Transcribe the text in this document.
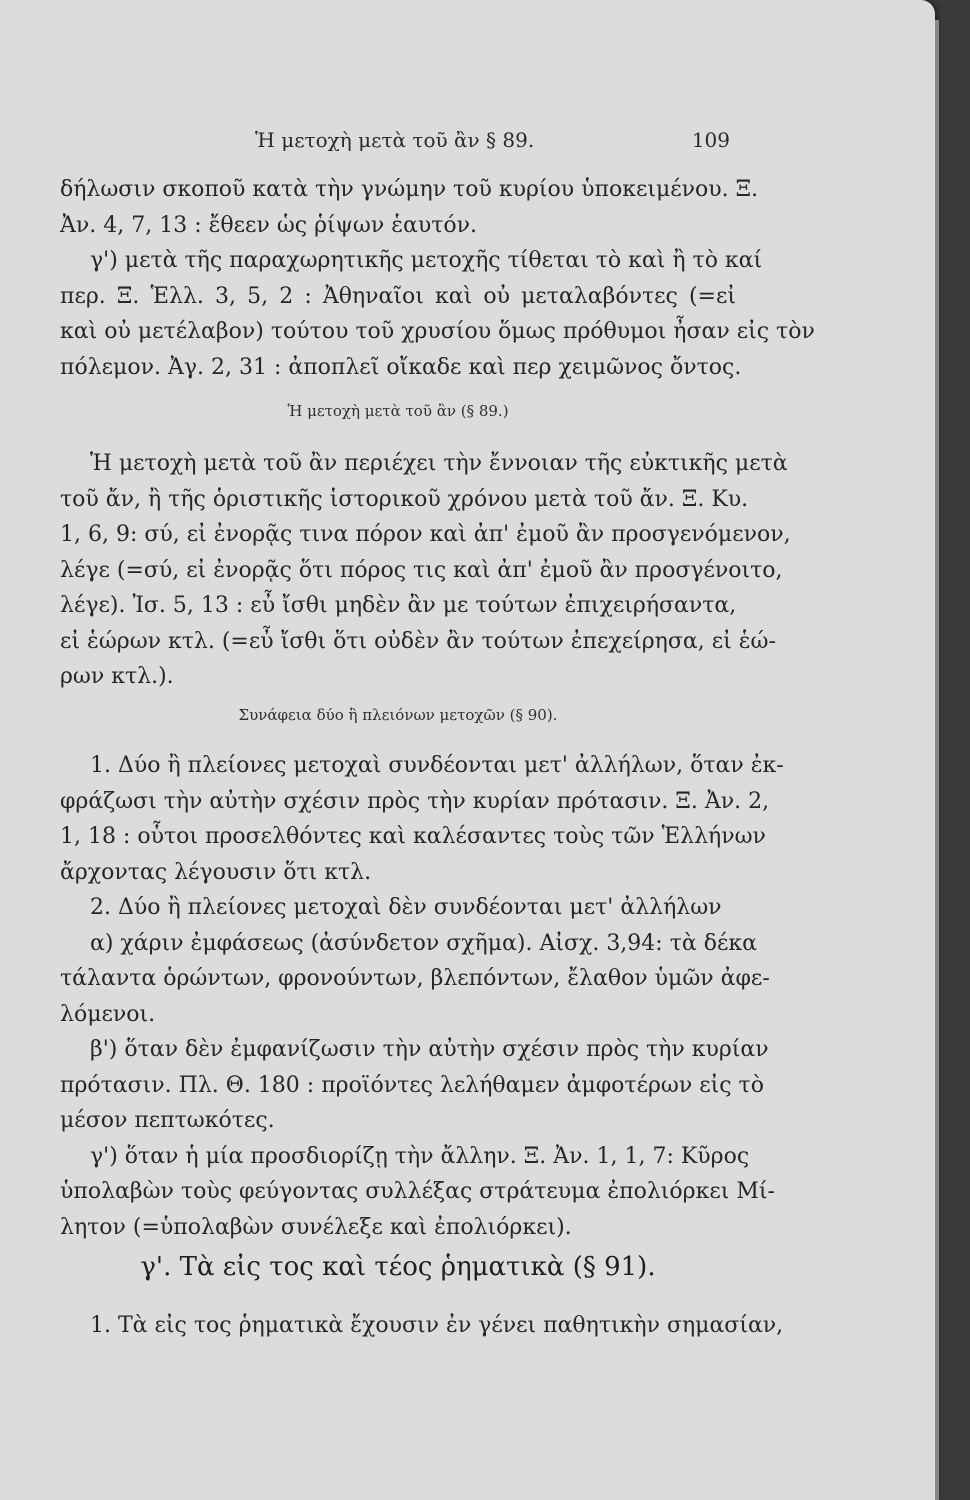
Ἡ μετοχὴ μετὰ τοῦ ἂν § 89.	109
δήλωσιν σκοποῦ κατὰ τὴν γνώμην τοῦ κυρίου ὑποκειμένου. Ξ.
Ἀν. 4, 7, 13 : ἔθεεν ὡς ῥίψων ἑαυτόν.
γ') μετὰ τῆς παραχωρητικῆς μετοχῆς τίθεται τὸ καὶ ἢ τὸ καί
περ. Ξ. Ἑλλ. 3, 5, 2 : Ἀθηναῖοι καὶ οὐ μεταλαβόντες (=εἰ
καὶ οὐ μετέλαβον) τούτου τοῦ χρυσίου ὅμως πρόθυμοι ἦσαν εἰς τὸν
πόλεμον. Ἀγ. 2, 31 : ἀποπλεῖ οἴκαδε καὶ περ χειμῶνος ὄντος.
Ἡ μετοχὴ μετὰ τοῦ ἂν (§ 89.)
Ἡ μετοχὴ μετὰ τοῦ ἂν περιέχει τὴν ἔννοιαν τῆς εὐκτικῆς μετὰ
τοῦ ἄν, ἢ τῆς ὁριστικῆς ἱστορικοῦ χρόνου μετὰ τοῦ ἄν. Ξ. Κυ.
1, 6, 9: σύ, εἰ ἐνορᾷς τινα πόρον καὶ ἀπ' ἐμοῦ ἂν προσγενόμενον,
λέγε (=σύ, εἰ ἐνορᾷς ὅτι πόρος τις καὶ ἀπ' ἐμοῦ ἂν προσγένοιτο,
λέγε). Ἰσ. 5, 13 : εὖ ἴσθι μηδὲν ἂν με τούτων ἐπιχειρήσαντα,
εἰ ἑώρων κτλ. (=εὖ ἴσθι ὅτι οὐδὲν ἂν τούτων ἐπεχείρησα, εἰ ἑώ-
ρων κτλ.).
Συνάφεια δύο ἢ πλειόνων μετοχῶν (§ 90).
1. Δύο ἢ πλείονες μετοχαὶ συνδέονται μετ' ἀλλήλων, ὅταν ἐκ-
φράζωσι τὴν αὐτὴν σχέσιν πρὸς τὴν κυρίαν πρότασιν. Ξ. Ἀν. 2,
1, 18 : οὗτοι προσελθόντες καὶ καλέσαντες τοὺς τῶν Ἑλλήνων
ἄρχοντας λέγουσιν ὅτι κτλ.
2. Δύο ἢ πλείονες μετοχαὶ δὲν συνδέονται μετ' ἀλλήλων
α) χάριν ἐμφάσεως (ἀσύνδετον σχῆμα). Αἰσχ. 3,94: τὰ δέκα
τάλαντα ὁρώντων, φρονούντων, βλεπόντων, ἔλαθον ὑμῶν ἀφε-
λόμενοι.
β') ὅταν δὲν ἐμφανίζωσιν τὴν αὐτὴν σχέσιν πρὸς τὴν κυρίαν
πρότασιν. Πλ. Θ. 180 : προϊόντες λελήθαμεν ἀμφοτέρων εἰς τὸ
μέσον πεπτωκότες.
γ') ὅταν ἡ μία προσδιορίζῃ τὴν ἄλλην. Ξ. Ἀν. 1, 1, 7: Κῦρος
ὑπολαβὼν τοὺς φεύγοντας συλλέξας στράτευμα ἐπολιόρκει Μί-
λητον (=ὑπολαβὼν συνέλεξε καὶ ἐπολιόρκει).
γ'. Τὰ εἰς τος καὶ τέος ῥηματικὰ (§ 91).
1. Τὰ εἰς τος ῥηματικὰ ἔχουσιν ἐν γένει παθητικὴν σημασίαν,
